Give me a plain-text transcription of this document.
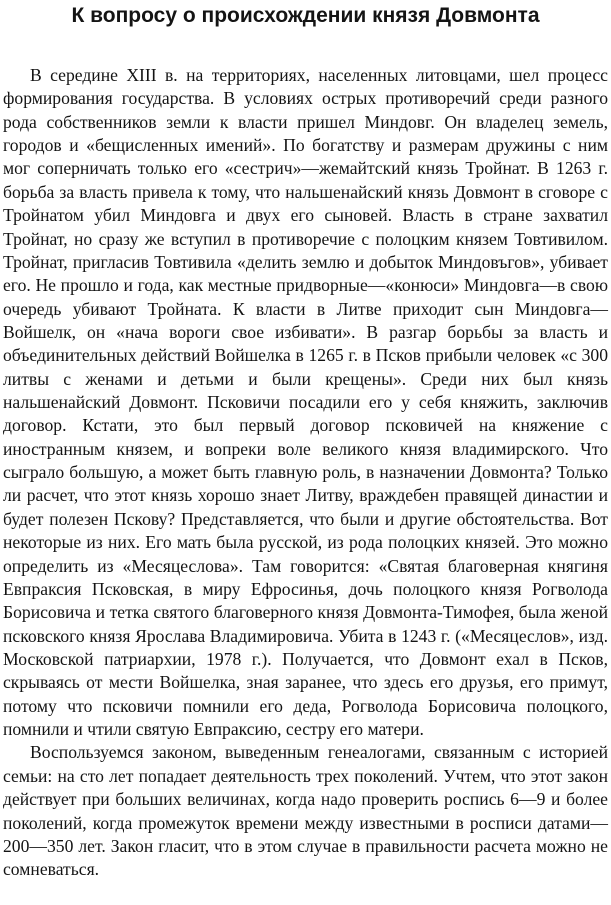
К вопросу о происхождении князя Довмонта

В середине XIII в. на территориях, населенных литовцами, шел процесс формирования государства. В условиях острых противоречий среди разного рода собственников земли к власти пришел Миндовг. Он владелец земель, городов и «бещисленных имений». По богатству и размерам дружины с ним мог соперничать только его «сестрич»—жемайтский князь Тройнат. В 1263 г. борьба за власть привела к тому, что нальшенайский князь Довмонт в сговоре с Тройнатом убил Миндовга и двух его сыновей. Власть в стране захватил Тройнат, но сразу же вступил в противоречие с полоцким князем Товтивилом. Тройнат, пригласив Товтивила «делить землю и добыток Миндовъгов», убивает его. Не прошло и года, как местные придворные—«конюси» Миндовга—в свою очередь убивают Тройната. К власти в Литве приходит сын Миндовга—Войшелк, он «нача вороги свое избивати». В разгар борьбы за власть и объединительных действий Войшелка в 1265 г. в Псков прибыли человек «с 300 литвы с женами и детьми и были крещены». Среди них был князь нальшенайский Довмонт. Псковичи посадили его у себя княжить, заключив договор. Кстати, это был первый договор псковичей на княжение с иностранным князем, и вопреки воле великого князя владимирского. Что сыграло большую, а может быть главную роль, в назначении Довмонта? Только ли расчет, что этот князь хорошо знает Литву, враждебен правящей династии и будет полезен Пскову? Представляется, что были и другие обстоятельства. Вот некоторые из них. Его мать была русской, из рода полоцких князей. Это можно определить из «Месяцеслова». Там говорится: «Святая благоверная княгиня Евпраксия Псковская, в миру Ефросинья, дочь полоцкого князя Рогволода Борисовича и тетка святого благоверного князя Довмонта-Тимофея, была женой псковского князя Ярослава Владимировича. Убита в 1243 г. («Месяцеслов», изд. Московской патриархии, 1978 г.). Получается, что Довмонт ехал в Псков, скрываясь от мести Войшелка, зная заранее, что здесь его друзья, его примут, потому что псковичи помнили его деда, Рогволода Борисовича полоцкого, помнили и чтили святую Евпраксию, сестру его матери.

Воспользуемся законом, выведенным генеалогами, связанным с историей семьи: на сто лет попадает деятельность трех поколений. Учтем, что этот закон действует при больших величинах, когда надо проверить роспись 6—9 и более поколений, когда промежуток времени между известными в росписи датами—200—350 лет. Закон гласит, что в этом случае в правильности расчета можно не сомневаться.
